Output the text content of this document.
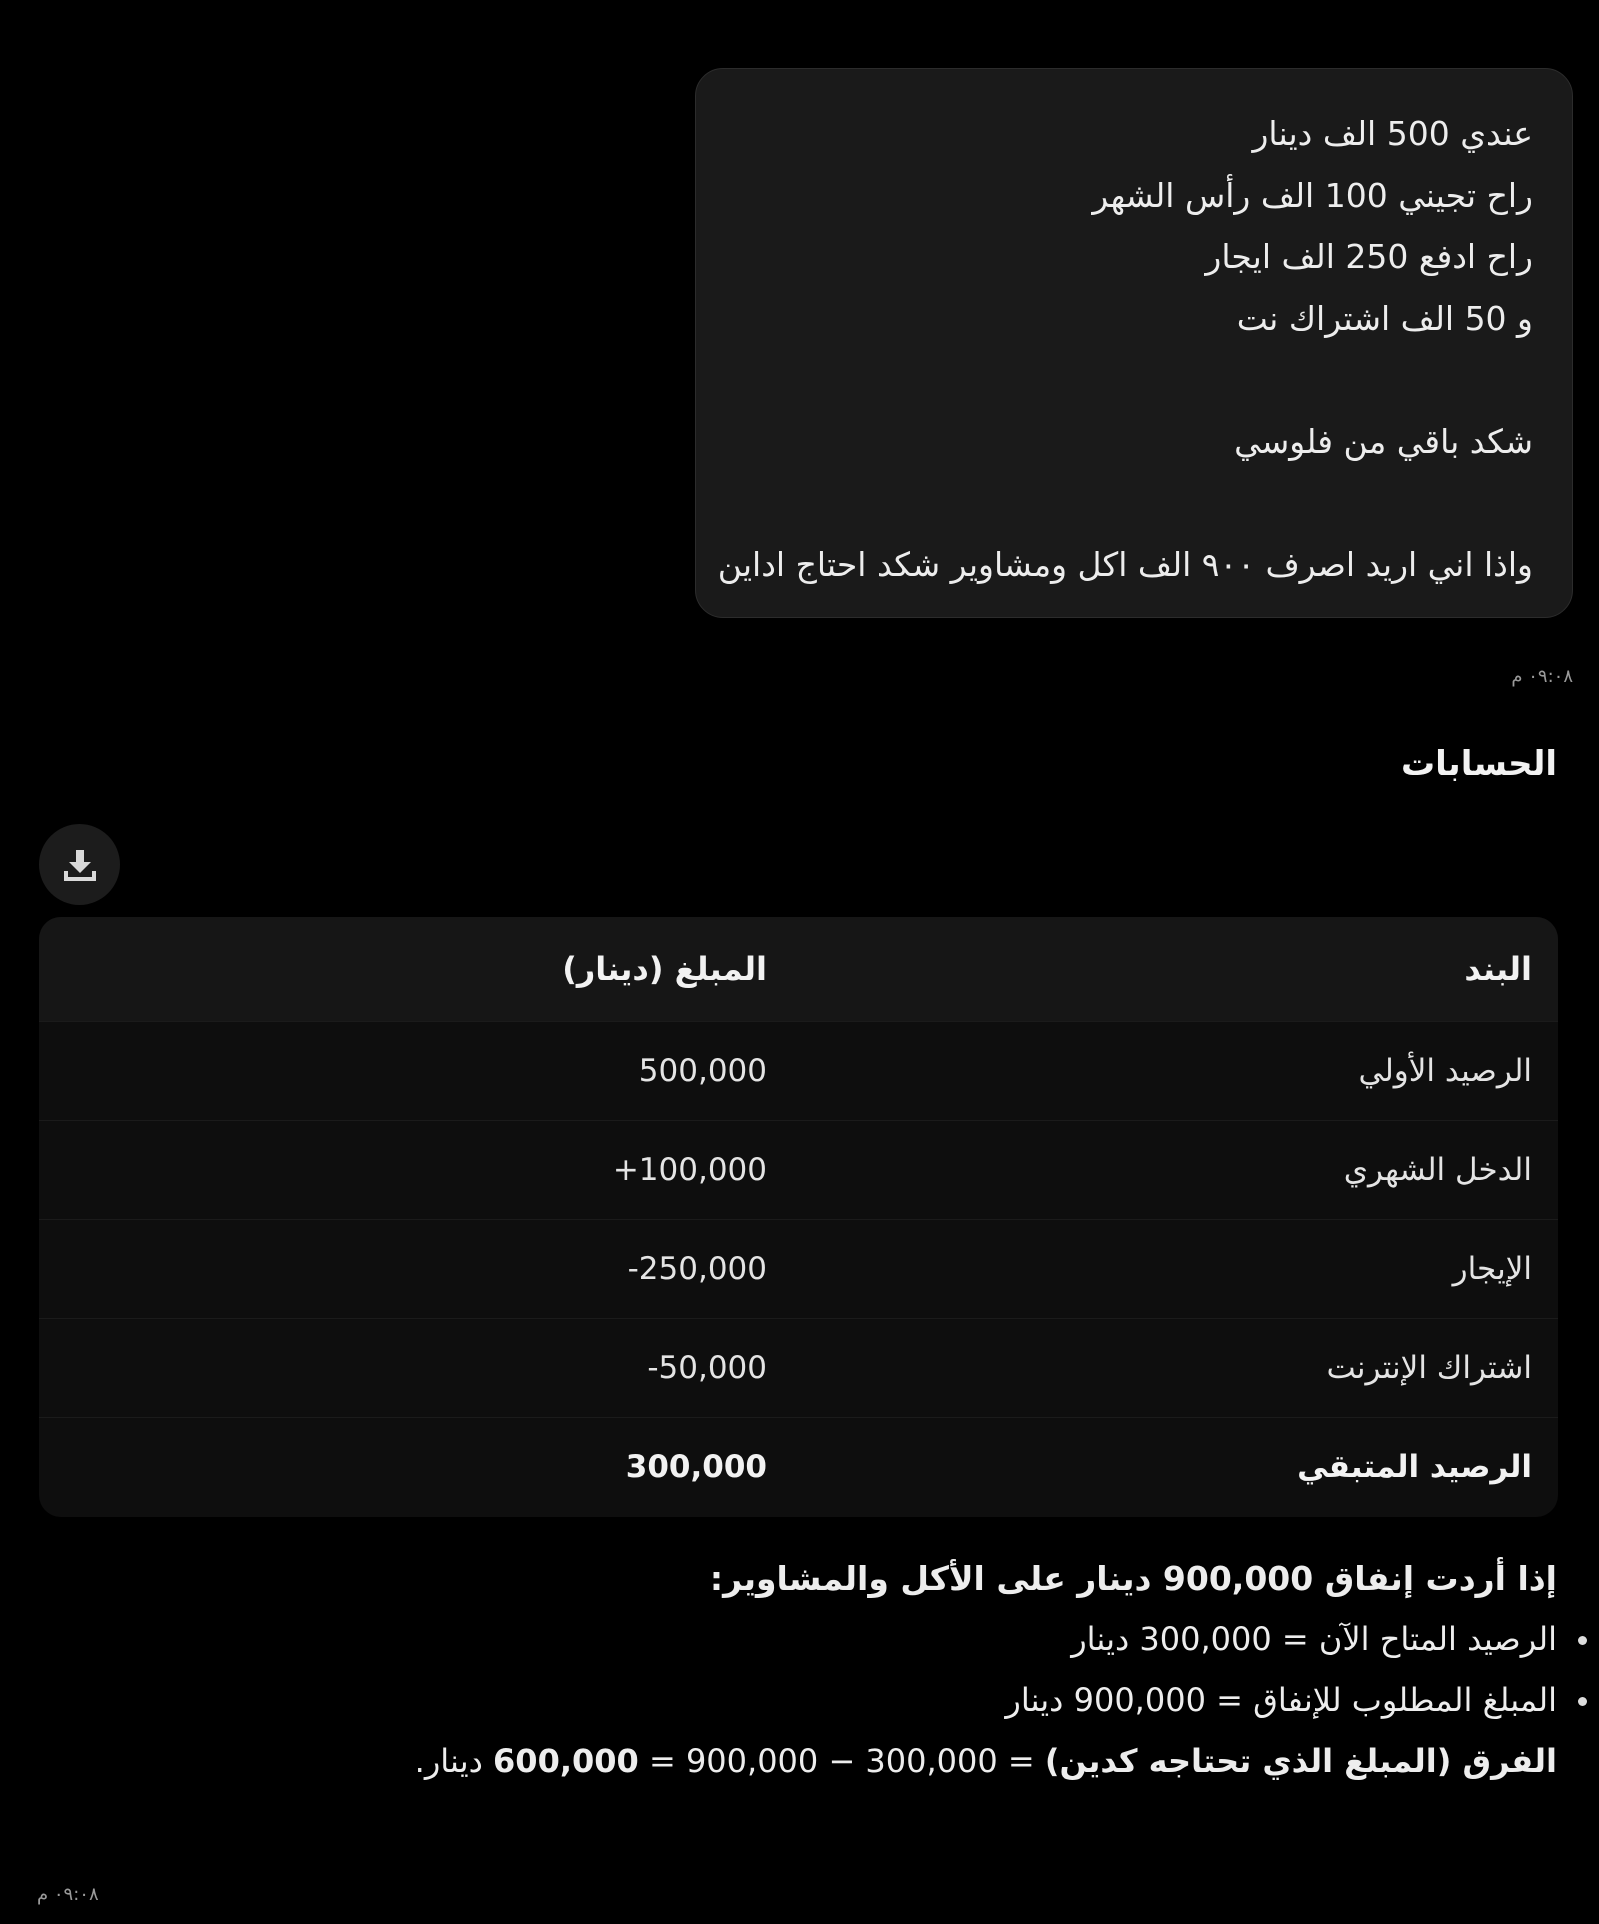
عندي 500 الف دينار
راح تجيني 100 الف رأس الشهر
راح ادفع 250 الف ايجار
و 50 الف اشتراك نت
شكد باقي من فلوسي
واذا اني اريد اصرف ٩٠٠ الف اكل ومشاوير شكد احتاج اداين
٠٩:٠٨ م
الحسابات
البند
المبلغ (دينار)
الرصيد الأولي
500,000
الدخل الشهري
+100,000
الإيجار
-250,000
اشتراك الإنترنت
-50,000
الرصيد المتبقي
300,000
إذا أردت إنفاق 900,000 دينار على الأكل والمشاوير:
الرصيد المتاح الآن = 300,000 دينار
المبلغ المطلوب للإنفاق = 900,000 دينار
الفرق (المبلغ الذي تحتاجه كدين) = 900,000 − 300,000 = 600,000 دينار.
٠٩:٠٨ م
